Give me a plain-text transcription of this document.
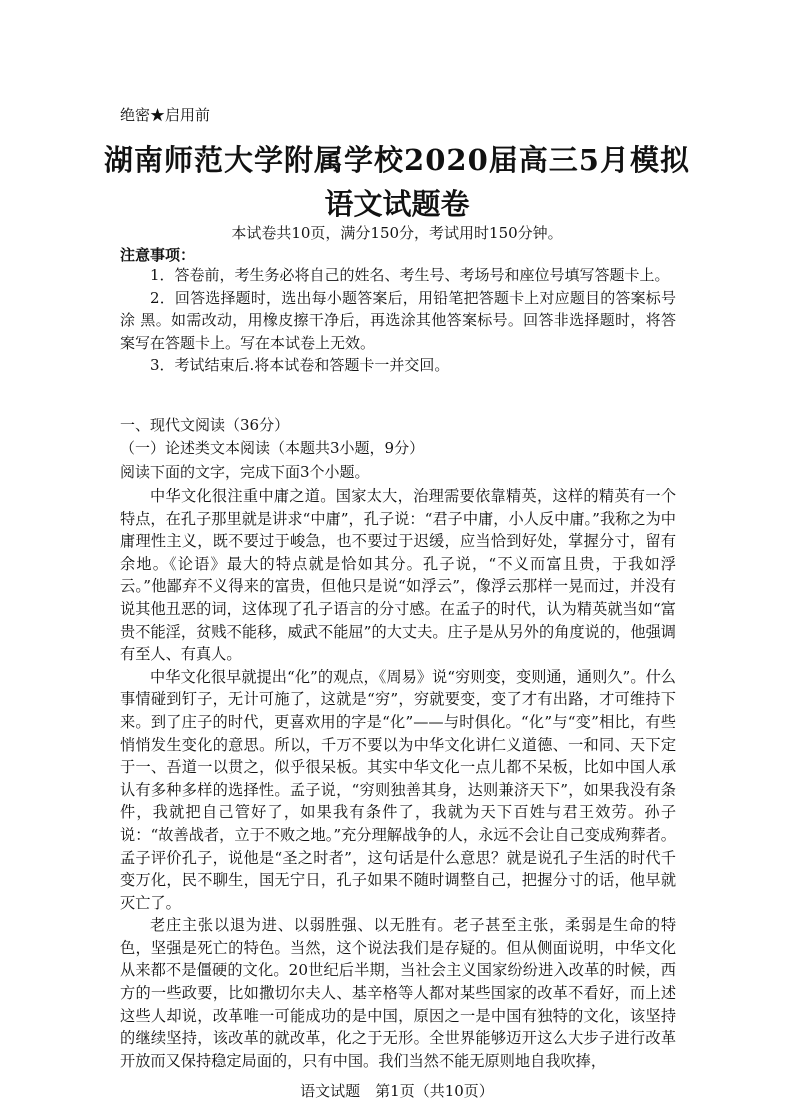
绝密★启用前
湖南师范大学附属学校2020届高三5月模拟
语文试题卷
本试卷共10页，满分150分，考试用时150分钟。
注意事项：

1．答卷前，考生务必将自己的姓名、考生号、考场号和座位号填写答题卡上。

2．回答选择题时，选出每小题答案后，用铅笔把答题卡上对应题目的答案标号涂 黑。如需改动，用橡皮擦干净后，再选涂其他答案标号。回答非选择题时，将答案写在答题卡上。写在本试卷上无效。

3．考试结束后.将本试卷和答题卡一并交回。

一、现代文阅读（36分）
（一）论述类文本阅读（本题共3小题，9分）
阅读下面的文字，完成下面3个小题。

中华文化很注重中庸之道。国家太大，治理需要依靠精英，这样的精英有一个特点，在孔子那里就是讲求“中庸”，孔子说：“君子中庸，小人反中庸。”我称之为中庸理性主义，既不要过于峻急，也不要过于迟缓，应当恰到好处，掌握分寸，留有余地。《论语》最大的特点就是恰如其分。孔子说，“不义而富且贵，于我如浮云。”他鄙弃不义得来的富贵，但他只是说“如浮云”，像浮云那样一晃而过，并没有说其他丑恶的词，这体现了孔子语言的分寸感。在孟子的时代，认为精英就当如“富贵不能淫，贫贱不能移，威武不能屈”的大丈夫。庄子是从另外的角度说的，他强调有至人、有真人。

中华文化很早就提出“化”的观点，《周易》说“穷则变，变则通，通则久”。什么事情碰到钉子，无计可施了，这就是“穷”，穷就要变，变了才有出路，才可维持下来。到了庄子的时代，更喜欢用的字是“化”——与时俱化。“化”与“变”相比，有些悄悄发生变化的意思。所以，千万不要以为中华文化讲仁义道德、一和同、天下定于一、吾道一以贯之，似乎很呆板。其实中华文化一点儿都不呆板，比如中国人承认有多种多样的选择性。孟子说，“穷则独善其身，达则兼济天下”，如果我没有条件，我就把自己管好了，如果我有条件了，我就为天下百姓与君王效劳。孙子说：“故善战者，立于不败之地。”充分理解战争的人，永远不会让自己变成殉葬者。孟子评价孔子，说他是“圣之时者”，这句话是什么意思？就是说孔子生活的时代千变万化，民不聊生，国无宁日，孔子如果不随时调整自己，把握分寸的话，他早就灭亡了。

老庄主张以退为进、以弱胜强、以无胜有。老子甚至主张，柔弱是生命的特色，坚强是死亡的特色。当然，这个说法我们是存疑的。但从侧面说明，中华文化从来都不是僵硬的文化。20世纪后半期，当社会主义国家纷纷进入改革的时候，西方的一些政要，比如撒切尔夫人、基辛格等人都对某些国家的改革不看好，而上述这些人却说，改革唯一可能成功的是中国，原因之一是中国有独特的文化，该坚持的继续坚持，该改革的就改革，化之于无形。全世界能够迈开这么大步子进行改革开放而又保持稳定局面的，只有中国。我们当然不能无原则地自我吹捧，

语文试题　第1页（共10页）
